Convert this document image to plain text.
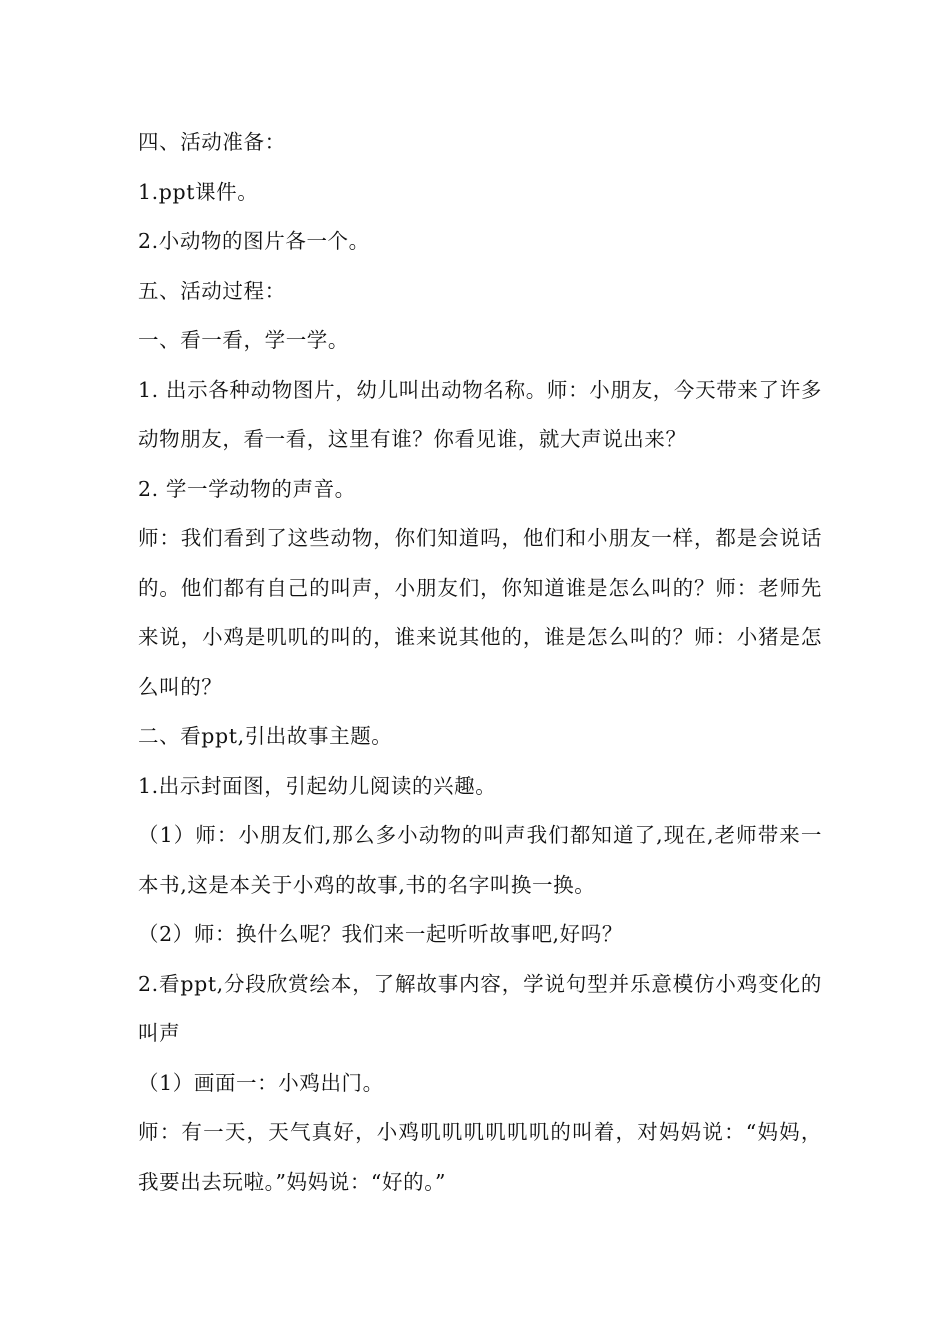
四、活动准备：

1.ppt课件。

2.小动物的图片各一个。

五、活动过程：

一、看一看，学一学。

1. 出示各种动物图片，幼儿叫出动物名称。师：小朋友，今天带来了许多动物朋友，看一看，这里有谁？你看见谁，就大声说出来？

2. 学一学动物的声音。

师：我们看到了这些动物，你们知道吗，他们和小朋友一样，都是会说话的。他们都有自己的叫声，小朋友们，你知道谁是怎么叫的？师：老师先来说，小鸡是叽叽的叫的，谁来说其他的，谁是怎么叫的？师：小猪是怎么叫的？

二、看ppt,引出故事主题。

1.出示封面图，引起幼儿阅读的兴趣。

（1）师：小朋友们,那么多小动物的叫声我们都知道了,现在,老师带来一本书,这是本关于小鸡的故事,书的名字叫换一换。

（2）师：换什么呢？我们来一起听听故事吧,好吗？

2.看ppt,分段欣赏绘本，了解故事内容，学说句型并乐意模仿小鸡变化的叫声

（1）画面一：小鸡出门。

师：有一天，天气真好，小鸡叽叽叽叽叽叽的叫着，对妈妈说：“妈妈，我要出去玩啦。”妈妈说：“好的。”
